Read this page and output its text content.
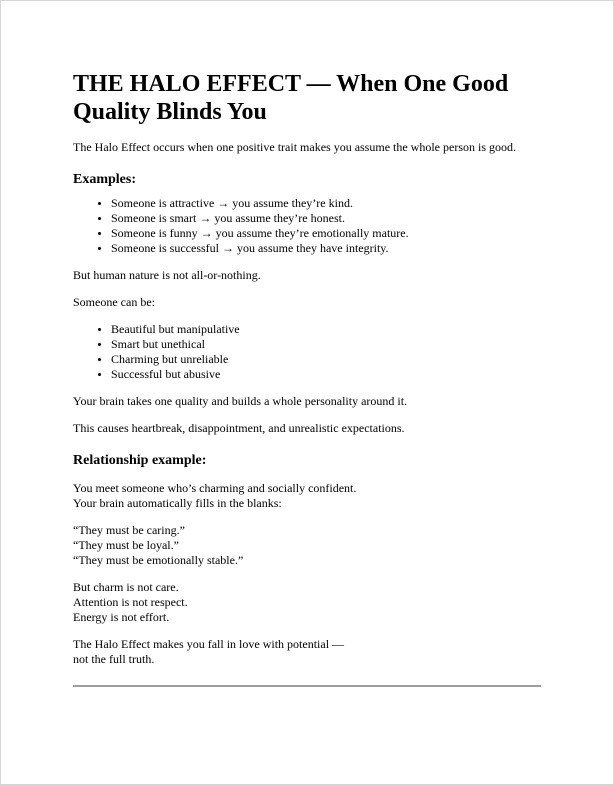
THE HALO EFFECT — When One Good Quality Blinds You

The Halo Effect occurs when one positive trait makes you assume the whole person is good.

Examples:
• Someone is attractive → you assume they’re kind.
• Someone is smart → you assume they’re honest.
• Someone is funny → you assume they’re emotionally mature.
• Someone is successful → you assume they have integrity.

But human nature is not all-or-nothing.

Someone can be:

• Beautiful but manipulative
• Smart but unethical
• Charming but unreliable
• Successful but abusive

Your brain takes one quality and builds a whole personality around it.

This causes heartbreak, disappointment, and unrealistic expectations.

Relationship example:

You meet someone who’s charming and socially confident.
Your brain automatically fills in the blanks:

“They must be caring.”
“They must be loyal.”
“They must be emotionally stable.”

But charm is not care.
Attention is not respect.
Energy is not effort.

The Halo Effect makes you fall in love with potential —
not the full truth.
